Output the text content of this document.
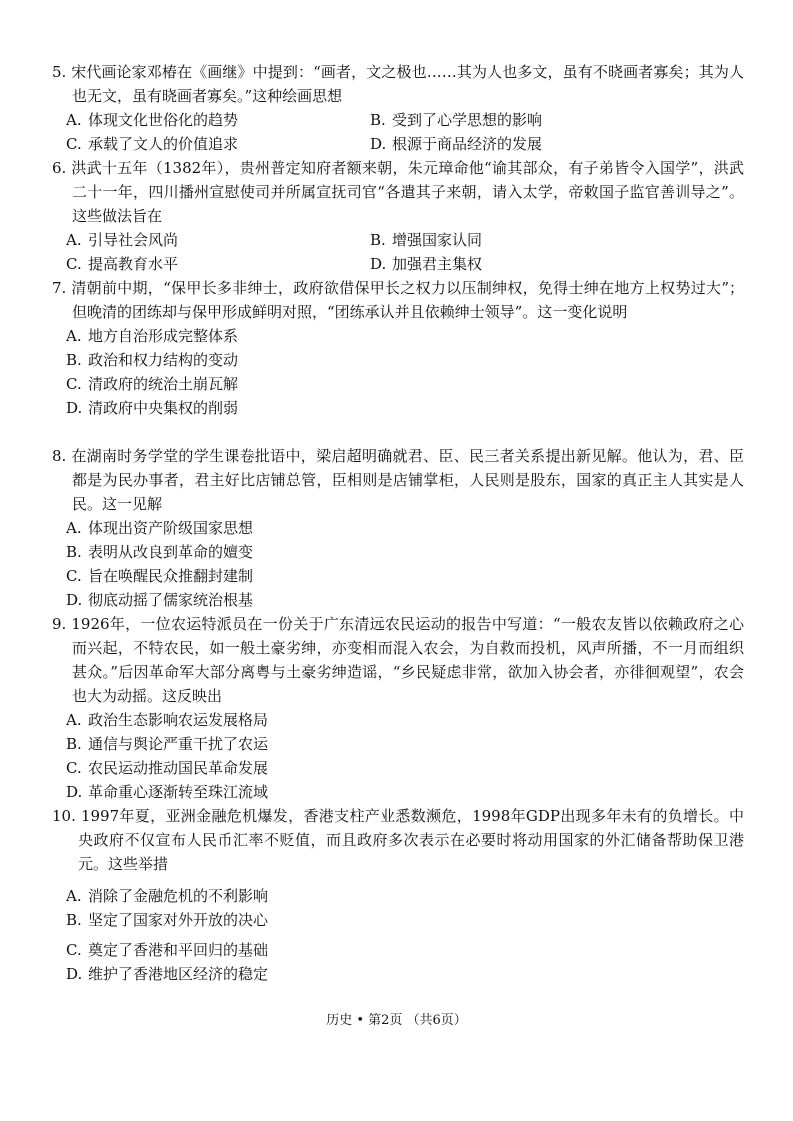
5. 宋代画论家邓椿在《画继》中提到：“画者，文之极也……其为人也多文，虽有不晓画者寡矣；其为人也无文，虽有晓画者寡矣。”这种绘画思想

A. 体现文化世俗化的趋势	B. 受到了心学思想的影响
C. 承载了文人的价值追求	D. 根源于商品经济的发展

6. 洪武十五年（1382年），贵州普定知府者额来朝，朱元璋命他“谕其部众，有子弟皆令入国学”，洪武二十一年，四川播州宣慰使司并所属宣抚司官“各遣其子来朝，请入太学，帝敕国子监官善训导之”。这些做法旨在

A. 引导社会风尚	B. 增强国家认同
C. 提高教育水平	D. 加强君主集权

7. 清朝前中期，“保甲长多非绅士，政府欲借保甲长之权力以压制绅权，免得士绅在地方上权势过大”； 但晚清的团练却与保甲形成鲜明对照，“团练承认并且依赖绅士领导”。这一变化说明

A. 地方自治形成完整体系
B. 政治和权力结构的变动
C. 清政府的统治土崩瓦解
D. 清政府中央集权的削弱

8. 在湖南时务学堂的学生课卷批语中，梁启超明确就君、臣、民三者关系提出新见解。他认为，君、臣都是为民办事者，君主好比店铺总管，臣相则是店铺掌柜，人民则是股东，国家的真正主人其实是人民。这一见解

A. 体现出资产阶级国家思想
B. 表明从改良到革命的嬗变
C. 旨在唤醒民众推翻封建制
D. 彻底动摇了儒家统治根基

9. 1926年，一位农运特派员在一份关于广东清远农民运动的报告中写道：“一般农友皆以依赖政府之心而兴起，不特农民，如一般土豪劣绅，亦变相而混入农会，为自救而投机，风声所播，不一月而组织甚众。”后因革命军大部分离粤与土豪劣绅造谣，“乡民疑虑非常，欲加入协会者，亦徘徊观望”，农会也大为动摇。这反映出

A. 政治生态影响农运发展格局
B. 通信与舆论严重干扰了农运
C. 农民运动推动国民革命发展
D. 革命重心逐渐转至珠江流域

10. 1997年夏，亚洲金融危机爆发，香港支柱产业悉数濒危，1998年GDP出现多年未有的负增长。中央政府不仅宣布人民币汇率不贬值，而且政府多次表示在必要时将动用国家的外汇储备帮助保卫港元。这些举措

A. 消除了金融危机的不利影响
B. 坚定了国家对外开放的决心
C. 奠定了香港和平回归的基础
D. 维护了香港地区经济的稳定
历史 • 第2页 （共6页）
